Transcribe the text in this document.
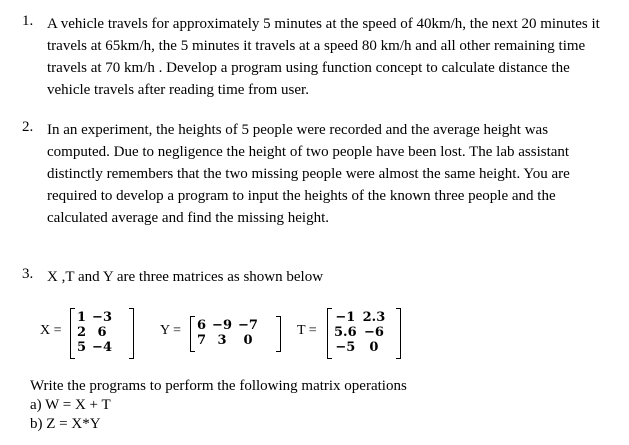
1. A vehicle travels for approximately 5 minutes at the speed of 40km/h, the next 20 minutes it travels at 65km/h, the 5 minutes it travels at a speed 80 km/h and all other remaining time travels at 70 km/h . Develop a program using function concept to calculate distance the vehicle travels after reading time from user.
2. In an experiment, the heights of 5 people were recorded and the average height was computed. Due to negligence the height of two people have been lost. The lab assistant distinctly remembers that the two missing people were almost the same height. You are required to develop a program to input the heights of the known three people and the calculated average and find the missing height.
3. X ,T and Y are three matrices as shown below
X =
1	−3
2	6
5	−4
Y = 6	−9	−7
7	3	0
T =
−1	2.3
5.6	−6
−5	0
Write the programs to perform the following matrix operations
a) W = X + T
b) Z = X*Y
